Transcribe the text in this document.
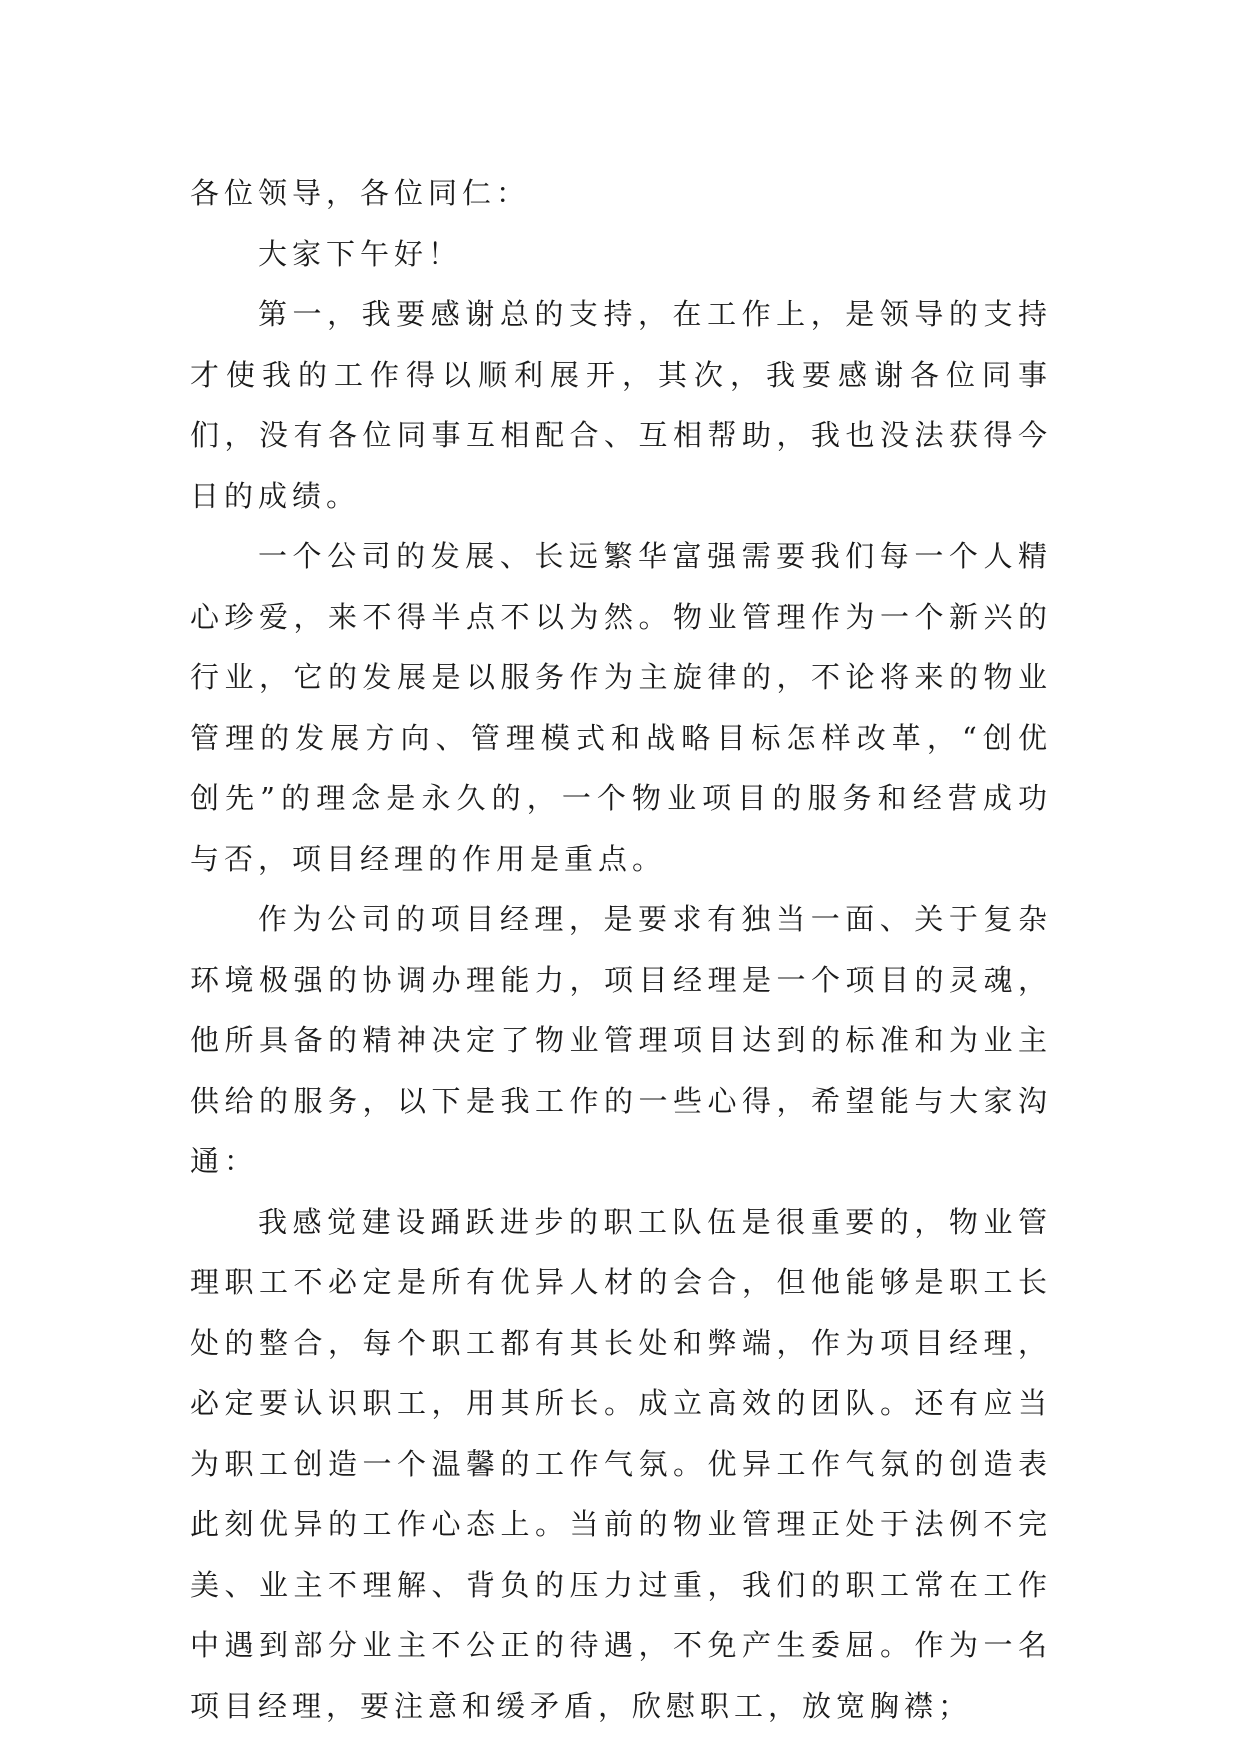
各位领导，各位同仁：

大家下午好！

第一，我要感谢总的支持，在工作上，是领导的支持才使我的工作得以顺利展开，其次，我要感谢各位同事们，没有各位同事互相配合、互相帮助，我也没法获得今日的成绩。

一个公司的发展、长远繁华富强需要我们每一个人精心珍爱，来不得半点不以为然。物业管理作为一个新兴的行业，它的发展是以服务作为主旋律的，不论将来的物业管理的发展方向、管理模式和战略目标怎样改革，“创优创先”的理念是永久的，一个物业项目的服务和经营成功与否，项目经理的作用是重点。

作为公司的项目经理，是要求有独当一面、关于复杂环境极强的协调办理能力，项目经理是一个项目的灵魂，他所具备的精神决定了物业管理项目达到的标准和为业主供给的服务，以下是我工作的一些心得，希望能与大家沟通：

我感觉建设踊跃进步的职工队伍是很重要的，物业管理职工不必定是所有优异人材的会合，但他能够是职工长处的整合，每个职工都有其长处和弊端，作为项目经理，必定要认识职工，用其所长。成立高效的团队。还有应当为职工创造一个温馨的工作气氛。优异工作气氛的创造表此刻优异的工作心态上。当前的物业管理正处于法例不完美、业主不理解、背负的压力过重，我们的职工常在工作中遇到部分业主不公正的待遇，不免产生委屈。作为一名项目经理，要注意和缓矛盾，欣慰职工，放宽胸襟；
